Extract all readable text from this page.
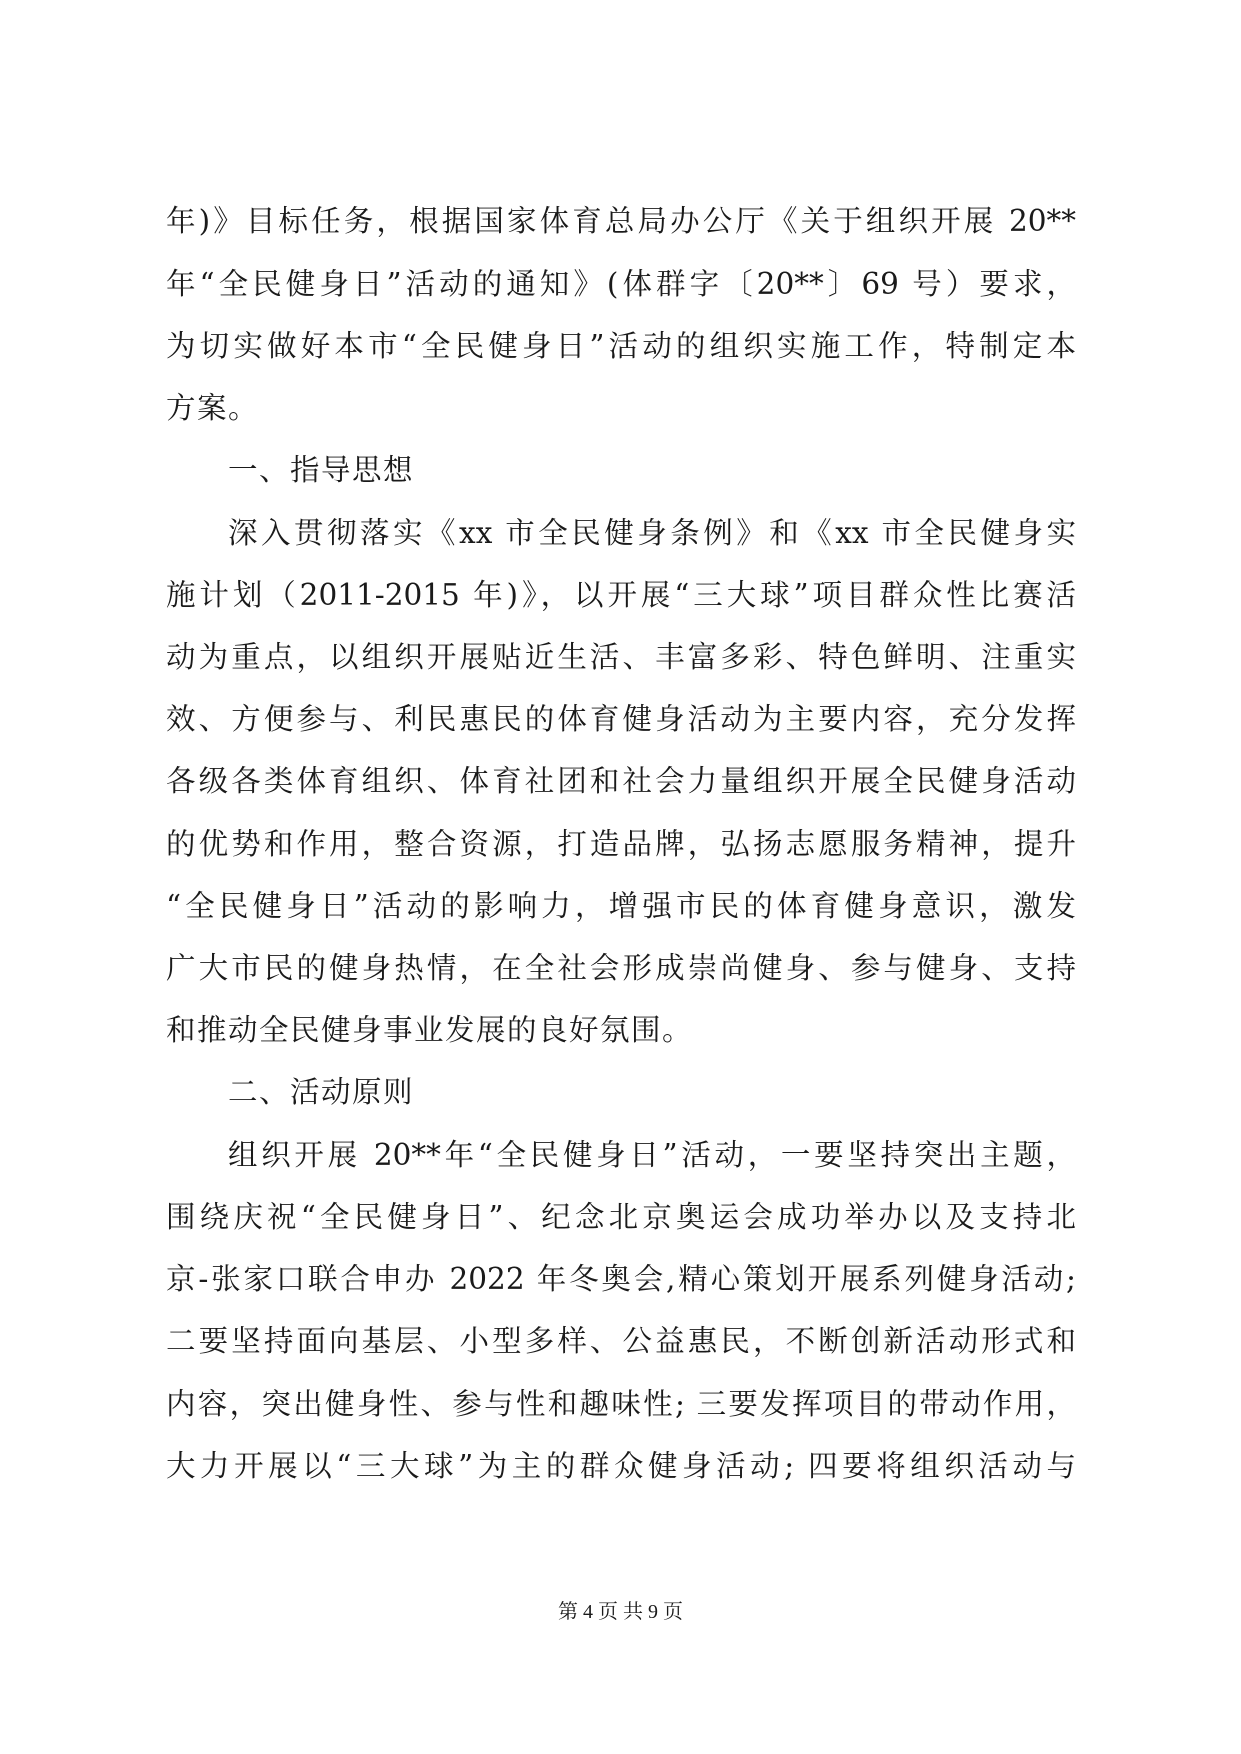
年)》目标任务，根据国家体育总局办公厅《关于组织开展 20**
年“全民健身日”活动的通知》(体群字〔20**〕69 号）要求，
为切实做好本市“全民健身日”活动的组织实施工作，特制定本
方案。
一、指导思想
深入贯彻落实《xx 市全民健身条例》和《xx 市全民健身实
施计划（2011-2015 年)》，以开展“三大球”项目群众性比赛活
动为重点，以组织开展贴近生活、丰富多彩、特色鲜明、注重实
效、方便参与、利民惠民的体育健身活动为主要内容，充分发挥
各级各类体育组织、体育社团和社会力量组织开展全民健身活动
的优势和作用，整合资源，打造品牌，弘扬志愿服务精神，提升
“全民健身日”活动的影响力，增强市民的体育健身意识，激发
广大市民的健身热情，在全社会形成崇尚健身、参与健身、支持
和推动全民健身事业发展的良好氛围。
二、活动原则
组织开展 20**年“全民健身日”活动，一要坚持突出主题，
围绕庆祝“全民健身日”、纪念北京奥运会成功举办以及支持北
京-张家口联合申办 2022 年冬奥会,精心策划开展系列健身活动;
二要坚持面向基层、小型多样、公益惠民，不断创新活动形式和
内容，突出健身性、参与性和趣味性; 三要发挥项目的带动作用，
大力开展以“三大球”为主的群众健身活动; 四要将组织活动与
第 4 页 共 9 页
